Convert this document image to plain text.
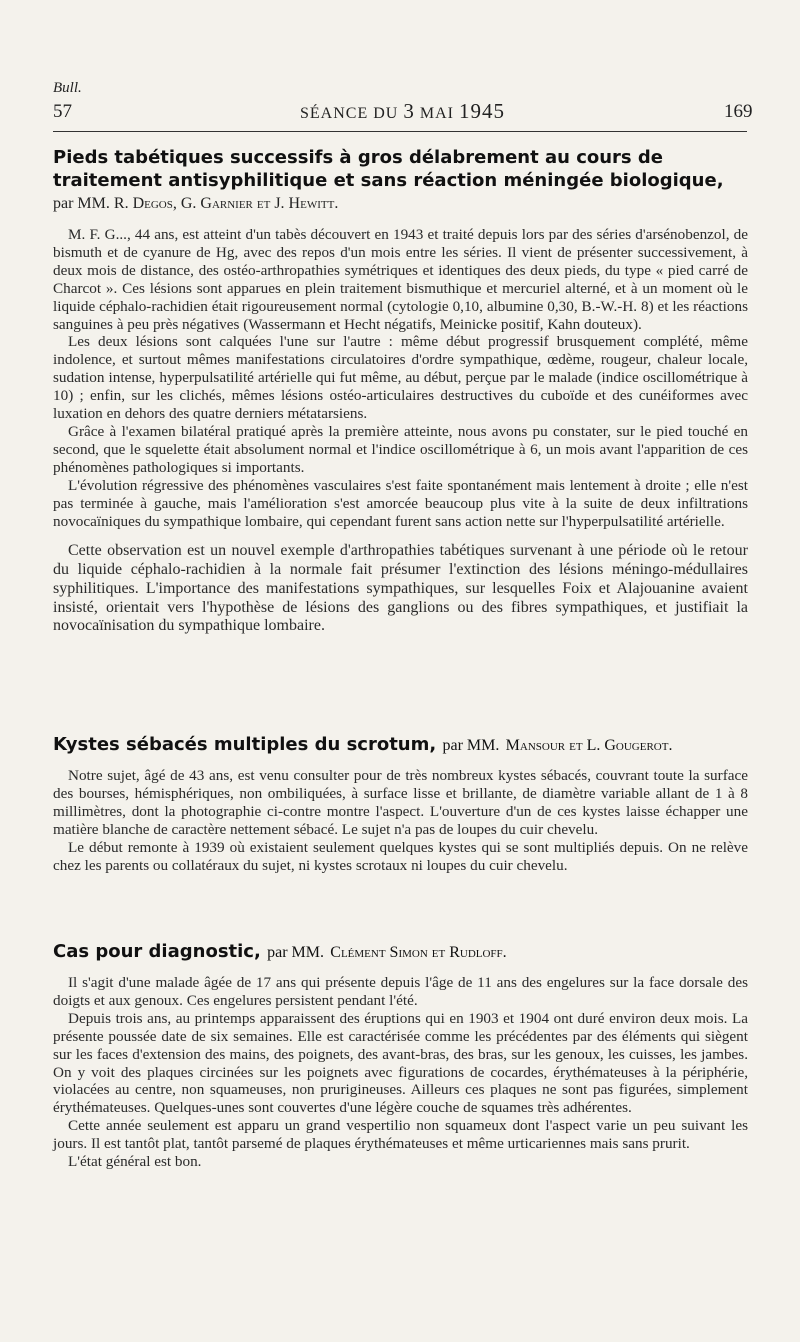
Bull.
57	SÉANCE DU 3 MAI 1945	169
Pieds tabétiques successifs à gros délabrement au cours de traitement antisyphilitique et sans réaction méningée biologique,
par MM. R. Degos, G. Garnier et J. Hewitt.

M. F. G..., 44 ans, est atteint d'un tabès découvert en 1943 et traité depuis lors par des séries d'arsénobenzol, de bismuth et de cyanure de Hg, avec des repos d'un mois entre les séries. Il vient de présenter successivement, à deux mois de distance, des ostéo-arthropathies symétriques et identiques des deux pieds, du type « pied carré de Charcot ». Ces lésions sont apparues en plein traitement bismuthique et mercuriel alterné, et à un moment où le liquide céphalo-rachidien était rigoureusement normal (cytologie 0,10, albumine 0,30, B.-W.-H. 8) et les réactions sanguines à peu près négatives (Wassermann et Hecht négatifs, Meinicke positif, Kahn douteux).

Les deux lésions sont calquées l'une sur l'autre : même début progressif brusquement complété, même indolence, et surtout mêmes manifestations circulatoires d'ordre sympathique, œdème, rougeur, chaleur locale, sudation intense, hyperpulsatilité artérielle qui fut même, au début, perçue par le malade (indice oscillométrique à 10) ; enfin, sur les clichés, mêmes lésions ostéo-articulaires destructives du cuboïde et des cunéiformes avec luxation en dehors des quatre derniers métatarsiens.

Grâce à l'examen bilatéral pratiqué après la première atteinte, nous avons pu constater, sur le pied touché en second, que le squelette était absolument normal et l'indice oscillométrique à 6, un mois avant l'apparition de ces phénomènes pathologiques si importants.

L'évolution régressive des phénomènes vasculaires s'est faite spontanément mais lentement à droite ; elle n'est pas terminée à gauche, mais l'amélioration s'est amorcée beaucoup plus vite à la suite de deux infiltrations novocaïniques du sympathique lombaire, qui cependant furent sans action nette sur l'hyperpulsatilité artérielle.

Cette observation est un nouvel exemple d'arthropathies tabétiques survenant à une période où le retour du liquide céphalo-rachidien à la normale fait présumer l'extinction des lésions méningo-médullaires syphilitiques. L'importance des manifestations sympathiques, sur lesquelles Foix et Alajouanine avaient insisté, orientait vers l'hypothèse de lésions des ganglions ou des fibres sympathiques, et justifiait la novocaïnisation du sympathique lombaire.

Kystes sébacés multiples du scrotum, par MM. Mansour et L. Gougerot.

Notre sujet, âgé de 43 ans, est venu consulter pour de très nombreux kystes sébacés, couvrant toute la surface des bourses, hémisphériques, non ombiliquées, à surface lisse et brillante, de diamètre variable allant de 1 à 8 millimètres, dont la photographie ci-contre montre l'aspect. L'ouverture d'un de ces kystes laisse échapper une matière blanche de caractère nettement sébacé. Le sujet n'a pas de loupes du cuir chevelu.

Le début remonte à 1939 où existaient seulement quelques kystes qui se sont multipliés depuis. On ne relève chez les parents ou collatéraux du sujet, ni kystes scrotaux ni loupes du cuir chevelu.

Cas pour diagnostic, par MM. Clément Simon et Rudloff.

Il s'agit d'une malade âgée de 17 ans qui présente depuis l'âge de 11 ans des engelures sur la face dorsale des doigts et aux genoux. Ces engelures persistent pendant l'été.

Depuis trois ans, au printemps apparaissent des éruptions qui en 1903 et 1904 ont duré environ deux mois. La présente poussée date de six semaines. Elle est caractérisée comme les précédentes par des éléments qui siègent sur les faces d'extension des mains, des poignets, des avant-bras, des bras, sur les genoux, les cuisses, les jambes. On y voit des plaques circinées sur les poignets avec figurations de cocardes, érythémateuses à la périphérie, violacées au centre, non squameuses, non prurigineuses. Ailleurs ces plaques ne sont pas figurées, simplement érythémateuses. Quelques-unes sont couvertes d'une légère couche de squames très adhérentes.

Cette année seulement est apparu un grand vespertilio non squameux dont l'aspect varie un peu suivant les jours. Il est tantôt plat, tantôt parsemé de plaques érythémateuses et même urticariennes mais sans prurit.

L'état général est bon.
